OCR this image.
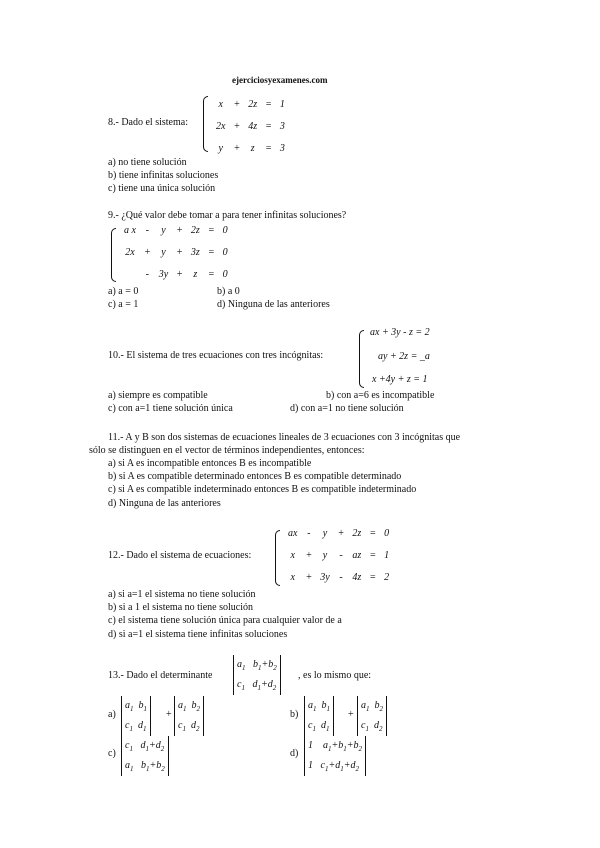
ejerciciosyexamenes.com
8.- Dado el sistema:
x	+	2z	=	1
2x	+	4z	=	3
y	+	z	=	3
a) no tiene solución
b) tiene infinitas soluciones
c) tiene una única solución
9.- ¿Qué valor debe tomar a para tener infinitas soluciones?
a x	-	y	+	2z	=	0
2x	+	y	+	3z	=	0
	-	3y	+	z	=	0
a) a = 0	b) a 0
c) a = 1	d) Ninguna de las anteriores
10.- El sistema de tres ecuaciones con tres incógnitas:
ax + 3y - z = 2
ay + 2z = _a
x +4y + z = 1
a) siempre es compatible	b) con a=6 es incompatible
c) con a=1 tiene solución única	d) con a=1 no tiene solución
11.- A y B son dos sistemas de ecuaciones lineales de 3 ecuaciones con 3 incógnitas que
sólo se distinguen en el vector de términos independientes, entonces:
a) si A es incompatible entonces B es incompatible
b) si A es compatible determinado entonces B es compatible determinado
c) si A es compatible indeterminado entonces B es compatible indeterminado
d) Ninguna de las anteriores
12.- Dado el sistema de ecuaciones:
ax	-	y	+	2z	=	0
x	+	y	-	az	=	1
x	+	3y	-	4z	=	2
a) si a=1 el sistema no tiene solución
b) si a 1 el sistema no tiene solución
c) el sistema tiene solución única para cualquier valor de a
d) si a=1 el sistema tiene infinitas soluciones
13.- Dado el determinante
$a_1$   $b_1+b_2$
$c_1$   $d_1+d_2$
, es lo mismo que:
a)
$a_1$  $b_1$
$c_1$  $d_1$
+
$a_1$  $b_2$
$c_1$  $d_2$
b)
$a_1$  $b_1$
$c_1$  $d_1$
+
$a_1$  $b_2$
$c_1$  $d_2$
c)
$c_1$   $d_1+d_2$
$a_1$   $b_1+b_2$
d)
1    $a_1+b_1+b_2$
1   $c_1+d_1+d_2$
